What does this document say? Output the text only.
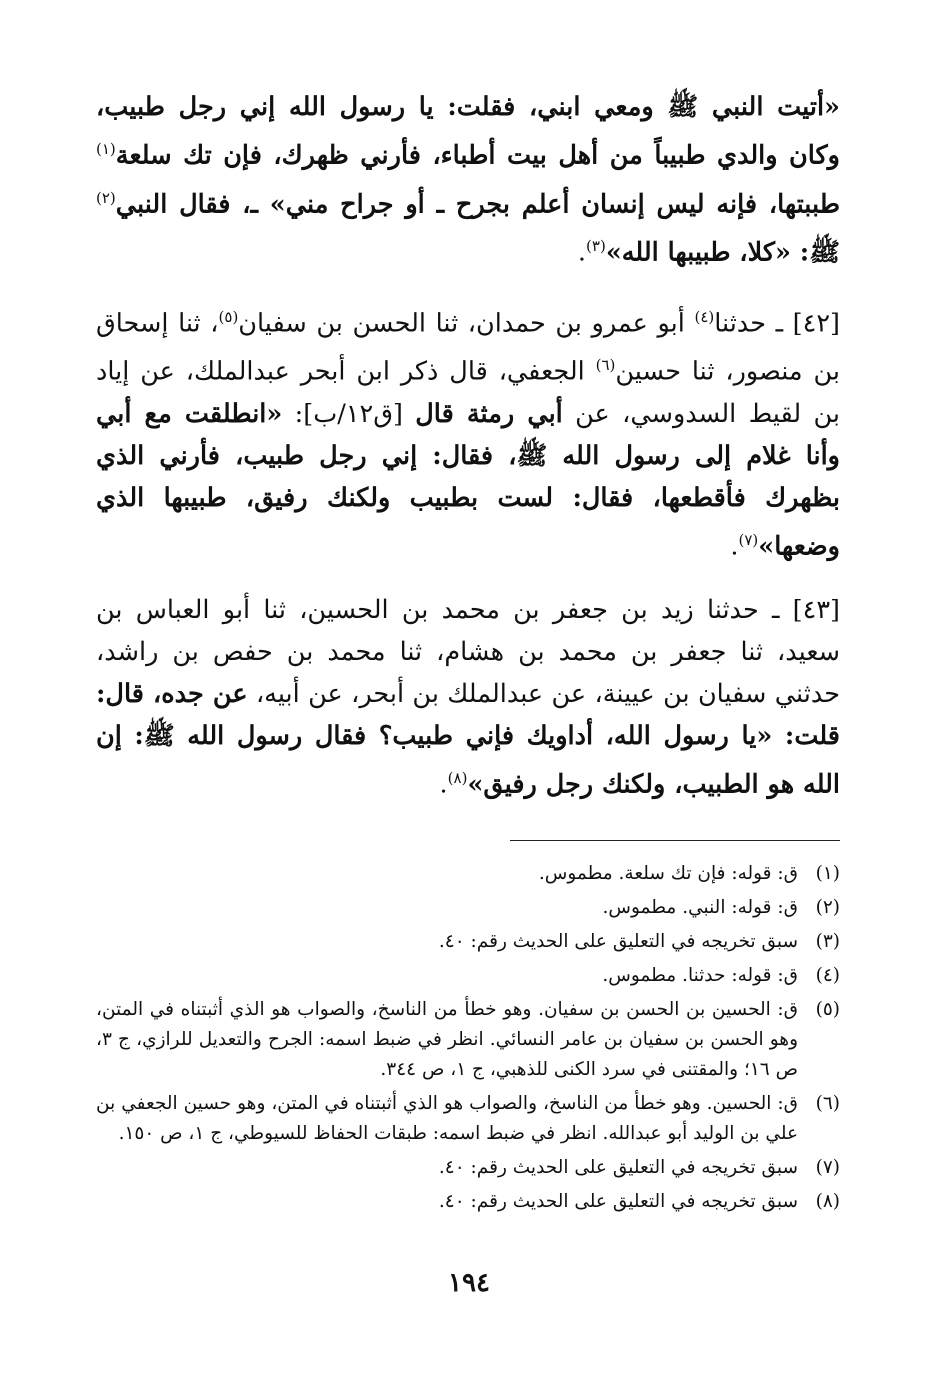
«أتيت النبي ﷺ ومعي ابني، فقلت: يا رسول الله إني رجل طبيب، وكان والدي طبيباً من أهل بيت أطباء، فأرني ظهرك، فإن تك سلعة$^{(١)}$ طببتها، فإنه ليس إنسان أعلم بجرح ـ أو جراح مني» ـ، فقال النبي$^{(٢)}$ ﷺ: «كلا، طبيبها الله»$^{(٣)}$.

[٤٢] ـ حدثنا$^{(٤)}$ أبو عمرو بن حمدان، ثنا الحسن بن سفيان$^{(٥)}$، ثنا إسحاق بن منصور، ثنا حسين$^{(٦)}$ الجعفي، قال ذكر ابن أبحر عبدالملك، عن إياد بن لقيط السدوسي، عن أبي رمثة قال [ق١٢/ب]: «انطلقت مع أبي وأنا غلام إلى رسول الله ﷺ، فقال: إني رجل طبيب، فأرني الذي بظهرك فأقطعها، فقال: لست بطبيب ولكنك رفيق، طبيبها الذي وضعها»$^{(٧)}$.

[٤٣] ـ حدثنا زيد بن جعفر بن محمد بن الحسين، ثنا أبو العباس بن سعيد، ثنا جعفر بن محمد بن هشام، ثنا محمد بن حفص بن راشد، حدثني سفيان بن عيينة، عن عبدالملك بن أبحر، عن أبيه، عن جده، قال: قلت: «يا رسول الله، أداويك فإني طبيب؟ فقال رسول الله ﷺ: إن الله هو الطبيب، ولكنك رجل رفيق»$^{(٨)}$.

(١)
ق: قوله: فإن تك سلعة. مطموس.
(٢)
ق: قوله: النبي. مطموس.
(٣)
سبق تخريجه في التعليق على الحديث رقم: ٤٠.
(٤)
ق: قوله: حدثنا. مطموس.
(٥)
ق: الحسين بن الحسن بن سفيان. وهو خطأ من الناسخ، والصواب هو الذي أثبتناه في المتن، وهو الحسن بن سفيان بن عامر النسائي. انظر في ضبط اسمه: الجرح والتعديل للرازي، ج ٣، ص ١٦؛ والمقتنى في سرد الكنى للذهبي، ج ١، ص ٣٤٤.
(٦)
ق: الحسين. وهو خطأ من الناسخ، والصواب هو الذي أثبتناه في المتن، وهو حسين الجعفي بن علي بن الوليد أبو عبدالله. انظر في ضبط اسمه: طبقات الحفاظ للسيوطي، ج ١، ص ١٥٠.
(٧)
سبق تخريجه في التعليق على الحديث رقم: ٤٠.
(٨)
سبق تخريجه في التعليق على الحديث رقم: ٤٠.
١٩٤
